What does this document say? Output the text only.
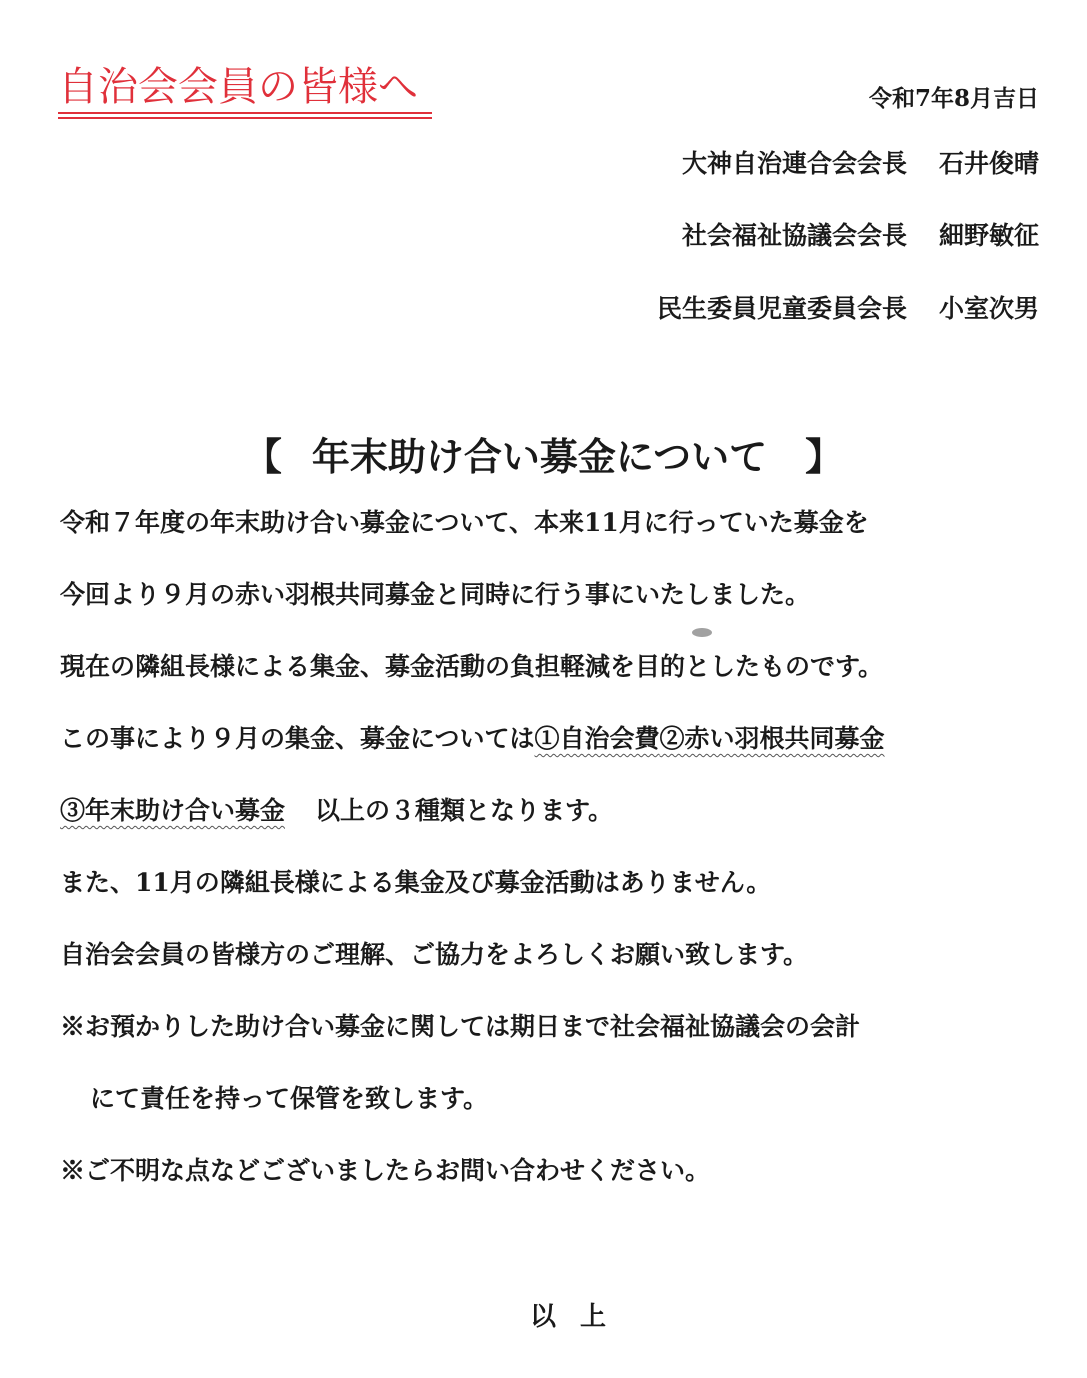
自治会会員の皆様へ	令和7年8月吉日
大神自治連合会会長 石井俊晴
社会福祉協議会会長 細野敏征
民生委員児童委員会長 小室次男
【 年末助け合い募金について 】
令和７年度の年末助け合い募金について、本来11月に行っていた募金を
今回より９月の赤い羽根共同募金と同時に行う事にいたしました。
現在の隣組長様による集金、募金活動の負担軽減を目的としたものです。
この事により９月の集金、募金については①自治会費②赤い羽根共同募金
③年末助け合い募金 以上の３種類となります。
また、11月の隣組長様による集金及び募金活動はありません。
自治会会員の皆様方のご理解、ご協力をよろしくお願い致します。
※お預かりした助け合い募金に関しては期日まで社会福祉協議会の会計
にて責任を持って保管を致します。
※ご不明な点などございましたらお問い合わせください。
以上
